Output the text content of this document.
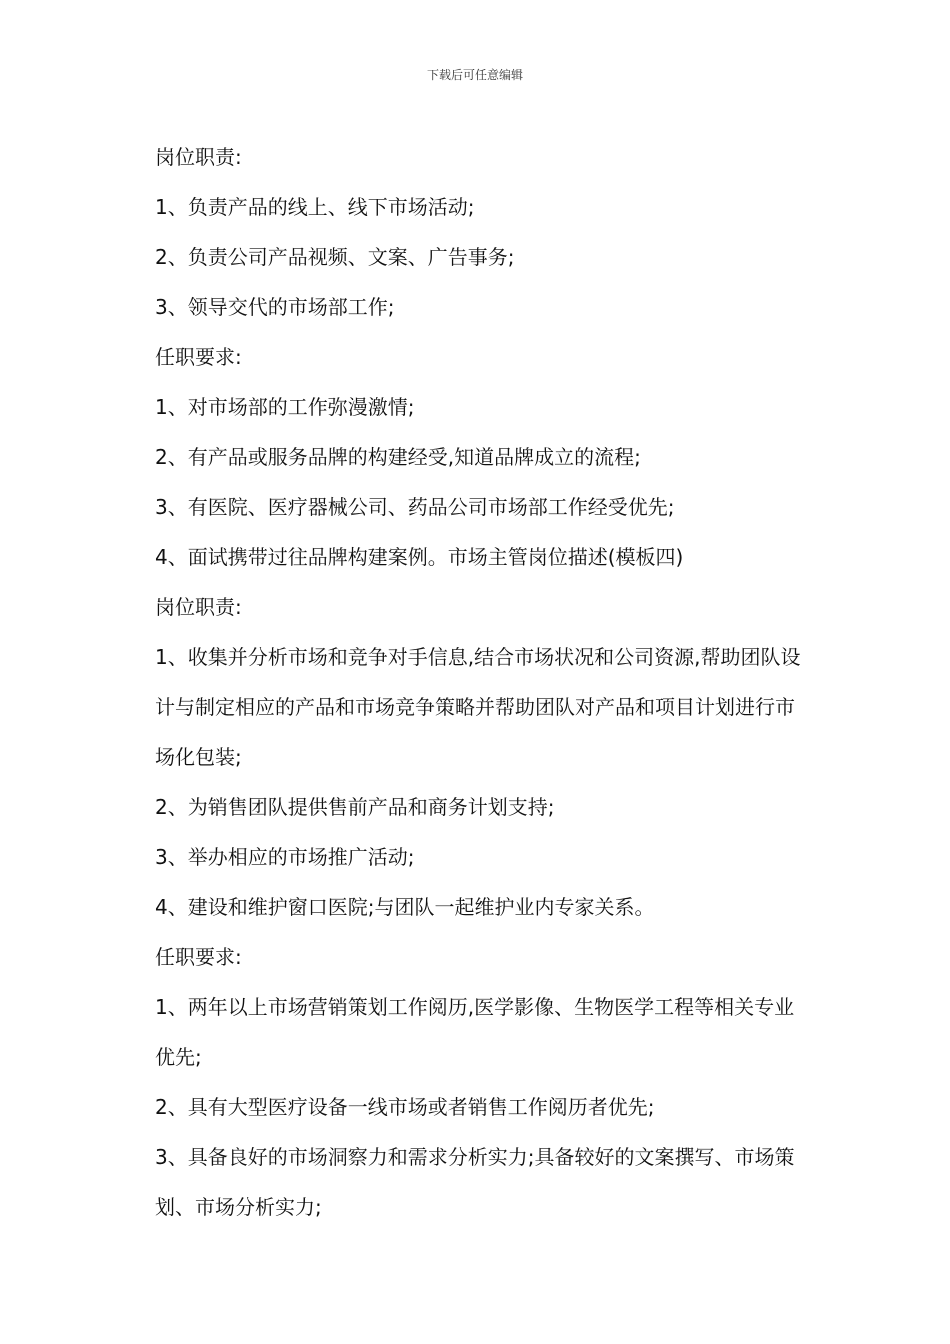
下载后可任意编辑

岗位职责:

1、负责产品的线上、线下市场活动;

2、负责公司产品视频、文案、广告事务;

3、领导交代的市场部工作;

任职要求:

1、对市场部的工作弥漫激情;

2、有产品或服务品牌的构建经受,知道品牌成立的流程;

3、有医院、医疗器械公司、药品公司市场部工作经受优先;

4、面试携带过往品牌构建案例。市场主管岗位描述(模板四)

岗位职责:

1、收集并分析市场和竞争对手信息,结合市场状况和公司资源,帮助团队设计与制定相应的产品和市场竞争策略并帮助团队对产品和项目计划进行市场化包装;

2、为销售团队提供售前产品和商务计划支持;

3、举办相应的市场推广活动;

4、建设和维护窗口医院;与团队一起维护业内专家关系。

任职要求:

1、两年以上市场营销策划工作阅历,医学影像、生物医学工程等相关专业优先;

2、具有大型医疗设备一线市场或者销售工作阅历者优先;

3、具备良好的市场洞察力和需求分析实力;具备较好的文案撰写、市场策划、市场分析实力;
